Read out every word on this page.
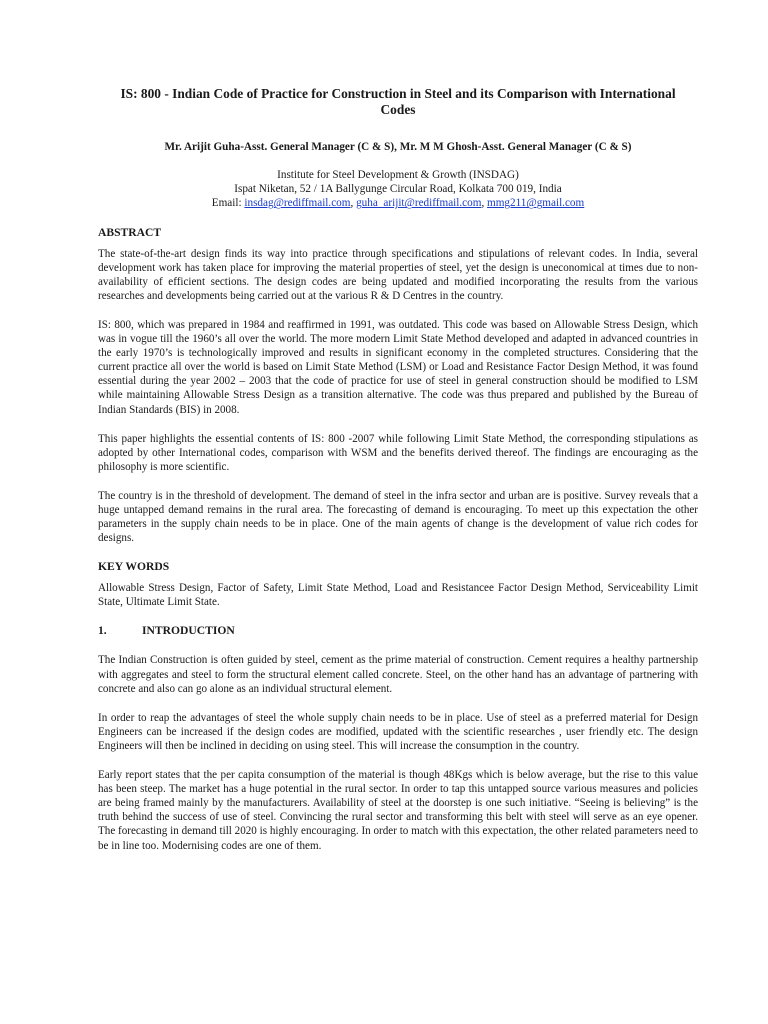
IS: 800 - Indian Code of Practice for Construction in Steel and its Comparison with International Codes
Mr. Arijit Guha-Asst. General Manager (C & S), Mr. M M Ghosh-Asst. General Manager (C & S)
Institute for Steel Development & Growth (INSDAG)
Ispat Niketan, 52 / 1A Ballygunge Circular Road, Kolkata 700 019, India
Email: insdag@rediffmail.com, guha_arijit@rediffmail.com, mmg211@gmail.com
ABSTRACT

The state-of-the-art design finds its way into practice through specifications and stipulations of relevant codes. In India, several development work has taken place for improving the material properties of steel, yet the design is uneconomical at times due to non-availability of efficient sections. The design codes are being updated and modified incorporating the results from the various researches and developments being carried out at the various R & D Centres in the country.

IS: 800, which was prepared in 1984 and reaffirmed in 1991, was outdated. This code was based on Allowable Stress Design, which was in vogue till the 1960’s all over the world. The more modern Limit State Method developed and adapted in advanced countries in the early 1970’s is technologically improved and results in significant economy in the completed structures. Considering that the current practice all over the world is based on Limit State Method (LSM) or Load and Resistance Factor Design Method, it was found essential during the year 2002 – 2003 that the code of practice for use of steel in general construction should be modified to LSM while maintaining Allowable Stress Design as a transition alternative. The code was thus prepared and published by the Bureau of Indian Standards (BIS) in 2008.

This paper highlights the essential contents of IS: 800 -2007 while following Limit State Method, the corresponding stipulations as adopted by other International codes, comparison with WSM and the benefits derived thereof. The findings are encouraging as the philosophy is more scientific.

The country is in the threshold of development. The demand of steel in the infra sector and urban are is positive. Survey reveals that a huge untapped demand remains in the rural area. The forecasting of demand is encouraging. To meet up this expectation the other parameters in the supply chain needs to be in place. One of the main agents of change is the development of value rich codes for designs.

KEY WORDS

Allowable Stress Design, Factor of Safety, Limit State Method, Load and Resistancee Factor Design Method, Serviceability Limit State, Ultimate Limit State.

1.	INTRODUCTION

The Indian Construction is often guided by steel, cement as the prime material of construction. Cement requires a healthy partnership with aggregates and steel to form the structural element called concrete. Steel, on the other hand has an advantage of partnering with concrete and also can go alone as an individual structural element.

In order to reap the advantages of steel the whole supply chain needs to be in place. Use of steel as a preferred material for Design Engineers can be increased if the design codes are modified, updated with the scientific researches , user friendly etc. The design Engineers will then be inclined in deciding on using steel. This will increase the consumption in the country.

Early report states that the per capita consumption of the material is though 48Kgs which is below average, but the rise to this value has been steep. The market has a huge potential in the rural sector. In order to tap this untapped source various measures and policies are being framed mainly by the manufacturers. Availability of steel at the doorstep is one such initiative. “Seeing is believing” is the truth behind the success of use of steel. Convincing the rural sector and transforming this belt with steel will serve as an eye opener. The forecasting in demand till 2020 is highly encouraging. In order to match with this expectation, the other related parameters need to be in line too. Modernising codes are one of them.
